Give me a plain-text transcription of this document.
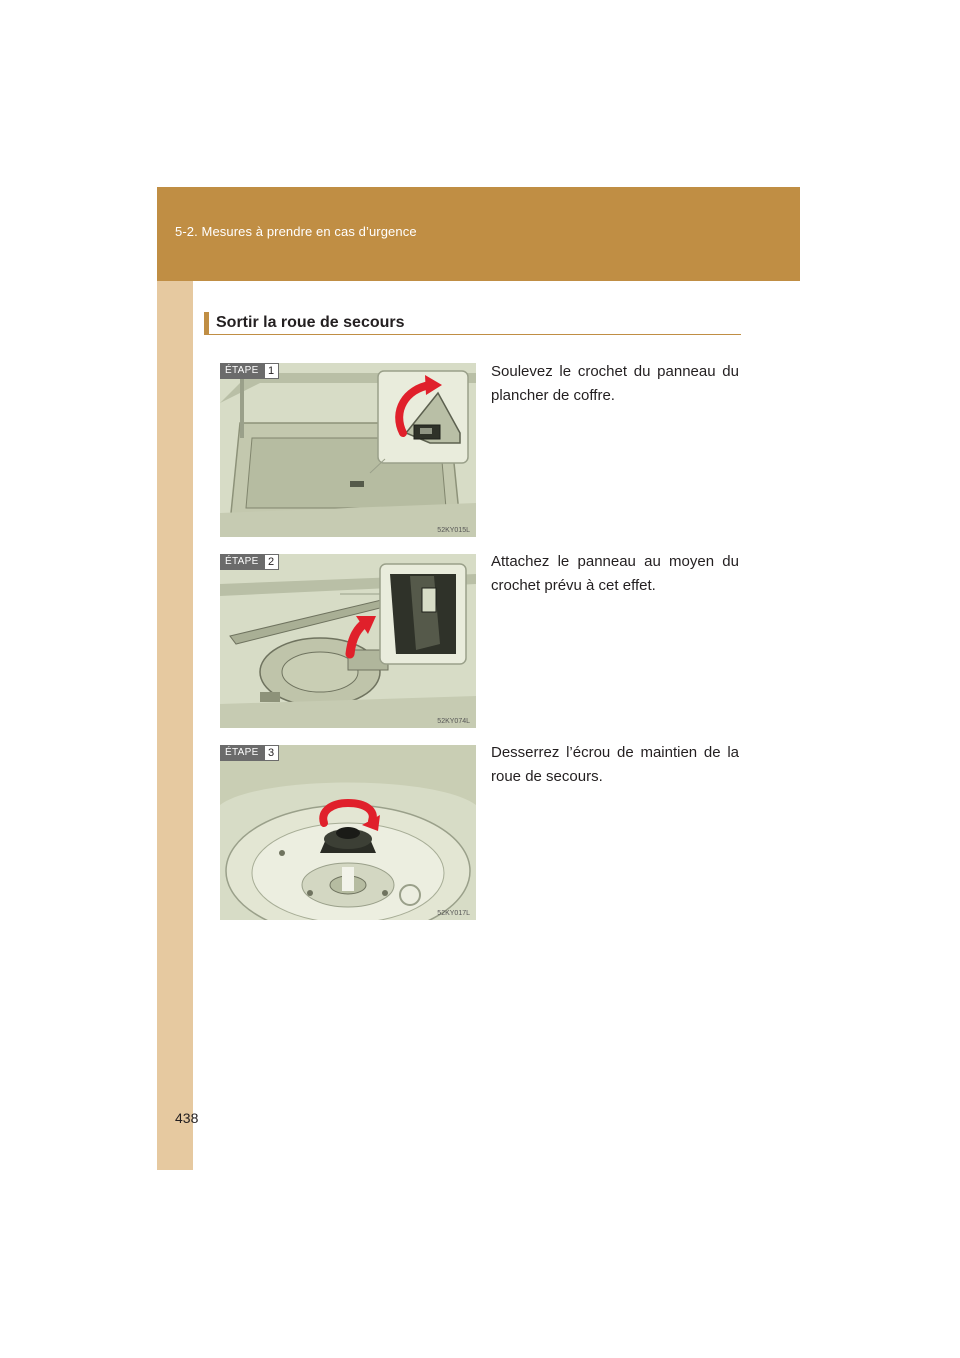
5-2. Mesures à prendre en cas d’urgence
Sortir la roue de secours
ÉTAPE 1
52KY015L
Soulevez le crochet du panneau du plancher de coffre.
ÉTAPE 2
52KY074L
Attachez le panneau au moyen du crochet prévu à cet effet.
ÉTAPE 3
52KY017L
Desserrez l’écrou de maintien de la roue de secours.
438
